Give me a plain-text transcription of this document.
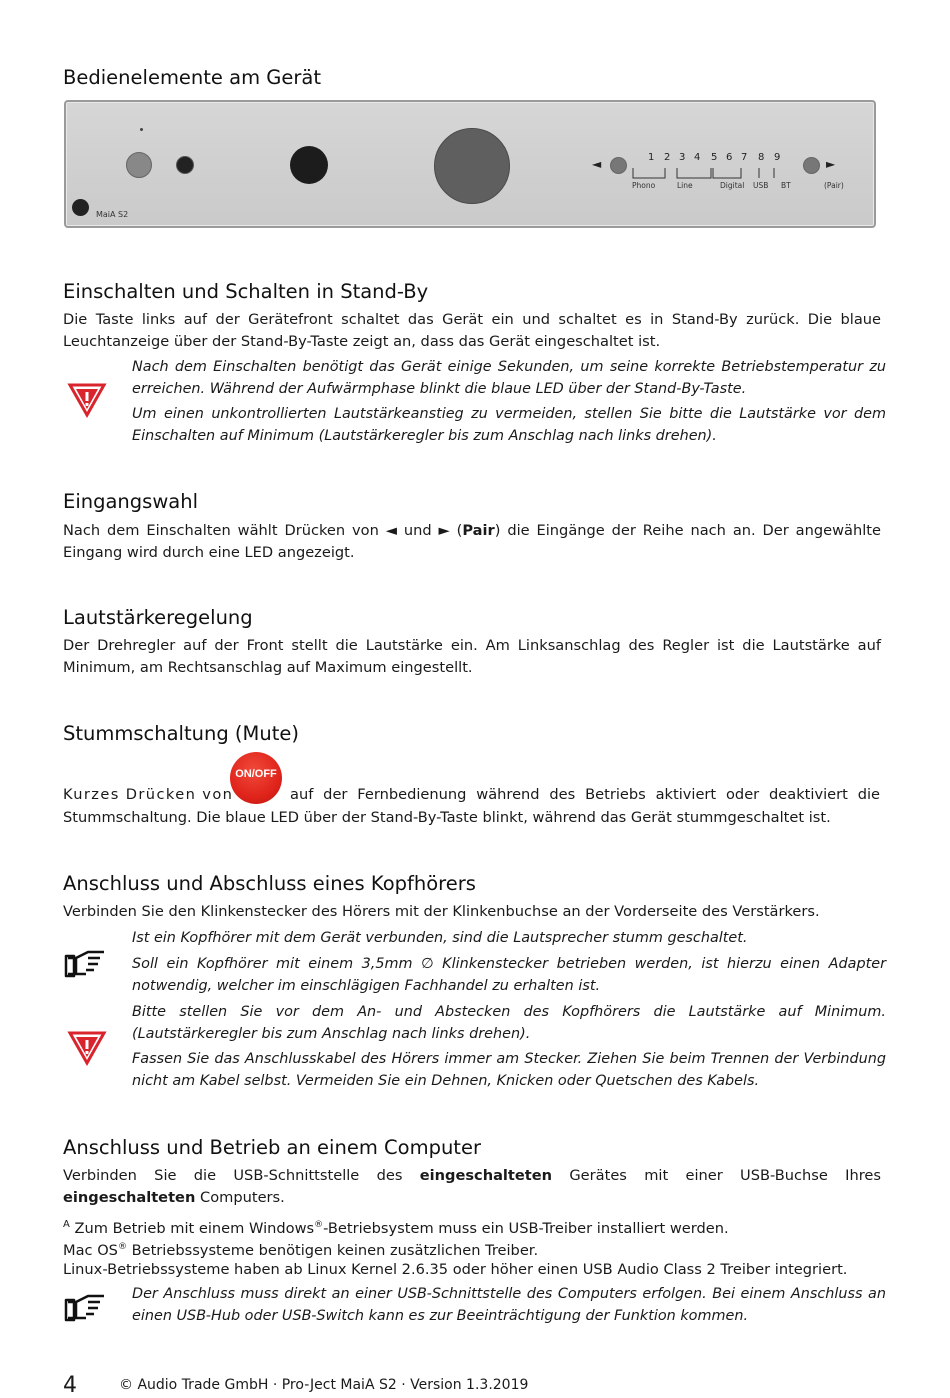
Bedienelemente am Gerät
◄	1 2 3 4 5 6 7 8 9
Phono	Line	Digital USB BT
►
(Pair)
MaiA S2
Einschalten und Schalten in Stand-By

Die Taste links auf der Gerätefront schaltet das Gerät ein und schaltet es in Stand-By zurück. Die blaue Leuchtanzeige über der Stand-By-Taste zeigt an, dass das Gerät eingeschaltet ist.

Nach dem Einschalten benötigt das Gerät einige Sekunden, um seine korrekte Betriebstemperatur zu erreichen. Während der Aufwärmphase blinkt die blaue LED über der Stand-By-Taste.

Um einen unkontrollierten Lautstärkeanstieg zu vermeiden, stellen Sie bitte die Lautstärke vor dem Einschalten auf Minimum (Lautstärkeregler bis zum Anschlag nach links drehen).

Eingangswahl

Nach dem Einschalten wählt Drücken von ◄ und ► (Pair) die Eingänge der Reihe nach an. Der angewählte Eingang wird durch eine LED angezeigt.

Lautstärkeregelung

Der Drehregler auf der Front stellt die Lautstärke ein. Am Linksanschlag des Regler ist die Lautstärke auf Minimum, am Rechtsanschlag auf Maximum eingestellt.

Stummschaltung (Mute)
ON/OFF
Kurzes Drücken von	auf der Fernbedienung während des Betriebs aktiviert oder deaktiviert die

Stummschaltung. Die blaue LED über der Stand-By-Taste blinkt, während das Gerät stummgeschaltet ist.

Anschluss und Abschluss eines Kopfhörers

Verbinden Sie den Klinkenstecker des Hörers mit der Klinkenbuchse an der Vorderseite des Verstärkers.

Ist ein Kopfhörer mit dem Gerät verbunden, sind die Lautsprecher stumm geschaltet.

Soll ein Kopfhörer mit einem 3,5mm ∅ Klinkenstecker betrieben werden, ist hierzu einen Adapter notwendig, welcher im einschlägigen Fachhandel zu erhalten ist.

Bitte stellen Sie vor dem An- und Abstecken des Kopfhörers die Lautstärke auf Minimum. (Lautstärkeregler bis zum Anschlag nach links drehen).

Fassen Sie das Anschlusskabel des Hörers immer am Stecker. Ziehen Sie beim Trennen der Verbindung nicht am Kabel selbst. Vermeiden Sie ein Dehnen, Knicken oder Quetschen des Kabels.

Anschluss und Betrieb an einem Computer

Verbinden Sie die USB-Schnittstelle des eingeschalteten Gerätes mit einer USB-Buchse Ihres eingeschalteten Computers.

$^A$ Zum Betrieb mit einem Windows®-Betriebsystem muss ein USB-Treiber installiert werden.

Mac OS® Betriebssysteme benötigen keinen zusätzlichen Treiber.

Linux-Betriebssysteme haben ab Linux Kernel 2.6.35 oder höher einen USB Audio Class 2 Treiber integriert.

Der Anschluss muss direkt an einer USB-Schnittstelle des Computers erfolgen. Bei einem Anschluss an einen USB-Hub oder USB-Switch kann es zur Beeinträchtigung der Funktion kommen.

4	© Audio Trade GmbH · Pro-Ject MaiA S2 · Version 1.3.2019
